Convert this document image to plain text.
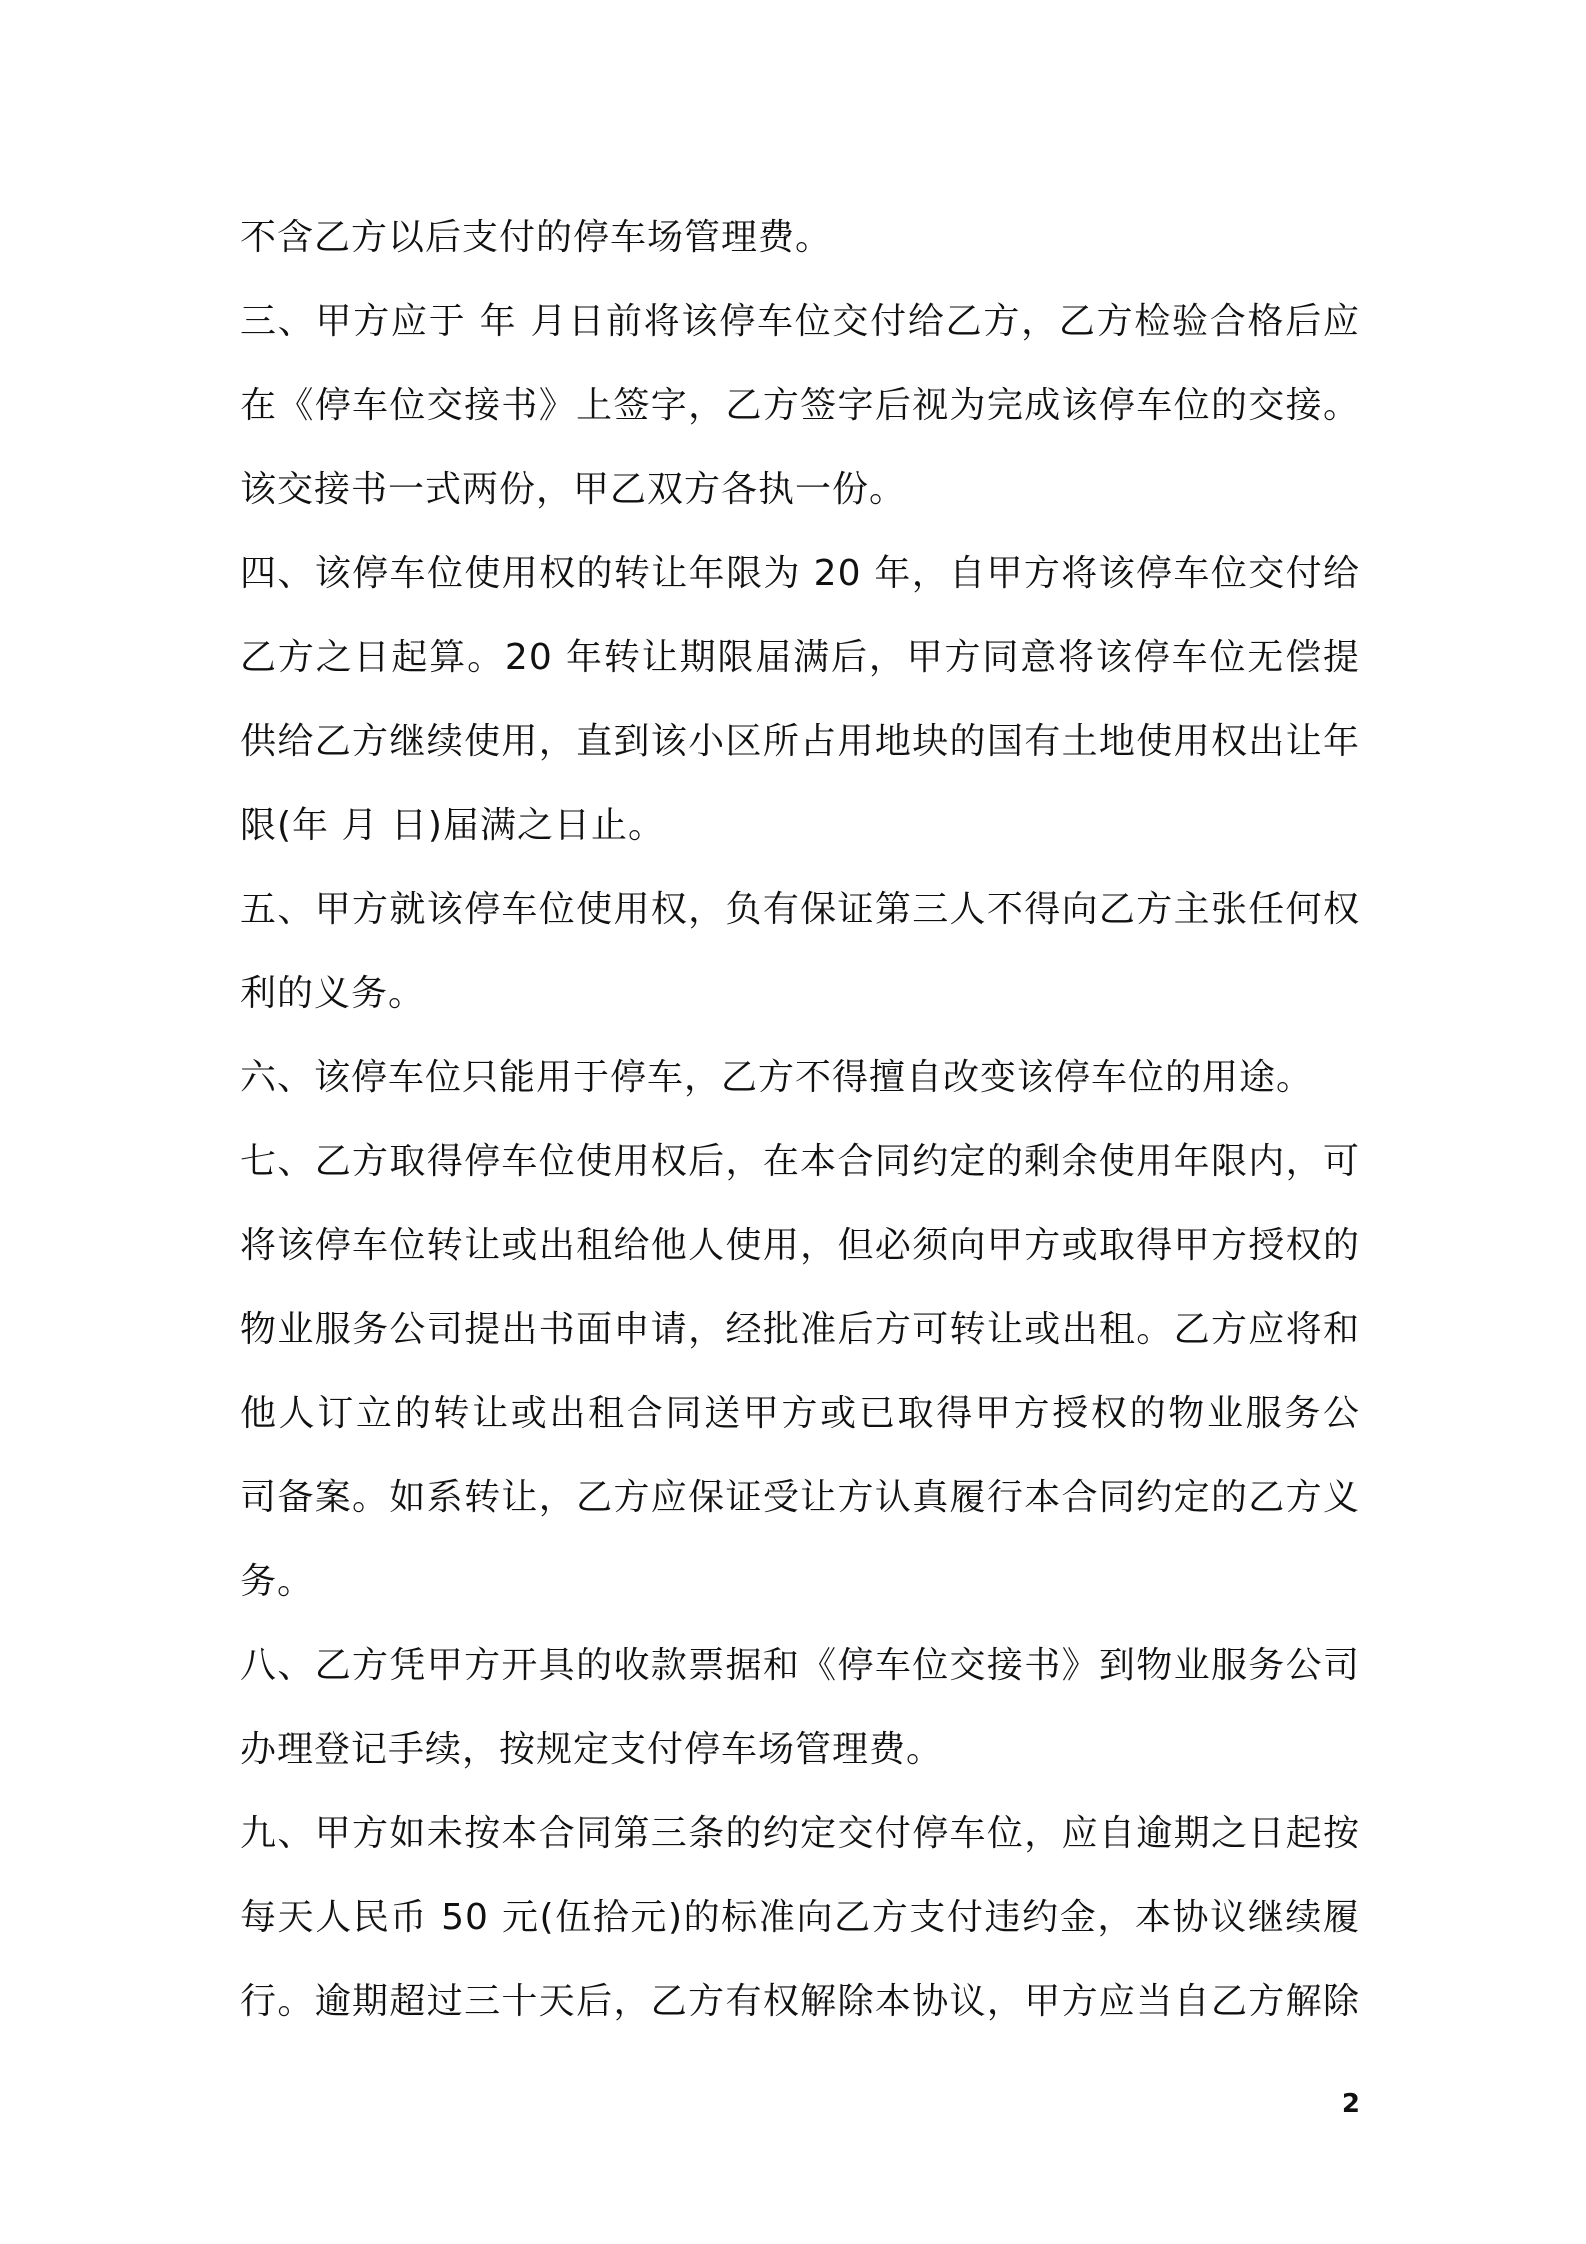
不含乙方以后支付的停车场管理费。
三、甲方应于 年 月日前将该停车位交付给乙方，乙方检验合格后应
在《停车位交接书》上签字，乙方签字后视为完成该停车位的交接。
该交接书一式两份，甲乙双方各执一份。
四、该停车位使用权的转让年限为 20 年，自甲方将该停车位交付给
乙方之日起算。20 年转让期限届满后，甲方同意将该停车位无偿提
供给乙方继续使用，直到该小区所占用地块的国有土地使用权出让年
限(年 月 日)届满之日止。
五、甲方就该停车位使用权，负有保证第三人不得向乙方主张任何权
利的义务。
六、该停车位只能用于停车，乙方不得擅自改变该停车位的用途。
七、乙方取得停车位使用权后，在本合同约定的剩余使用年限内，可
将该停车位转让或出租给他人使用，但必须向甲方或取得甲方授权的
物业服务公司提出书面申请，经批准后方可转让或出租。乙方应将和
他人订立的转让或出租合同送甲方或已取得甲方授权的物业服务公
司备案。如系转让，乙方应保证受让方认真履行本合同约定的乙方义
务。
八、乙方凭甲方开具的收款票据和《停车位交接书》到物业服务公司
办理登记手续，按规定支付停车场管理费。
九、甲方如未按本合同第三条的约定交付停车位，应自逾期之日起按
每天人民币 50 元(伍拾元)的标准向乙方支付违约金，本协议继续履
行。逾期超过三十天后，乙方有权解除本协议，甲方应当自乙方解除
2
